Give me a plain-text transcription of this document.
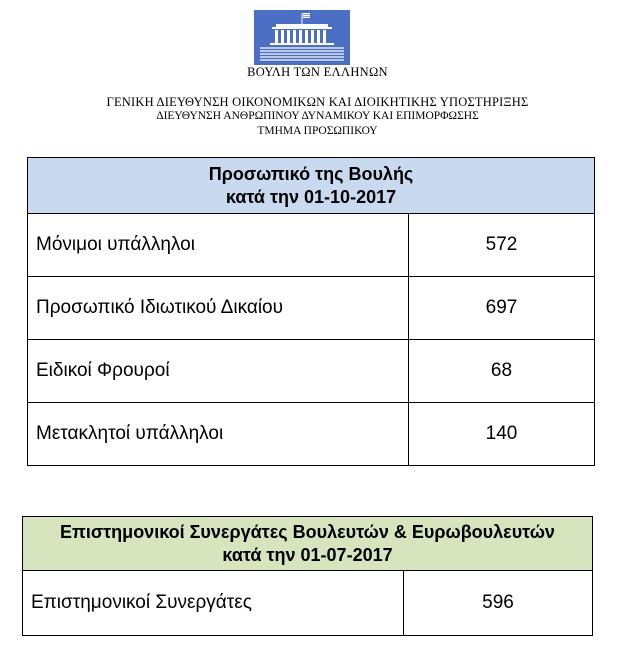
ΒΟΥΛΗ ΤΩΝ ΕΛΛΗΝΩΝ
ΓΕΝΙΚΗ ΔΙΕΥΘΥΝΣΗ ΟΙΚΟΝΟΜΙΚΩΝ ΚΑΙ ΔΙΟΙΚΗΤΙΚΗΣ ΥΠΟΣΤΗΡΙΞΗΣ
ΔΙΕΥΘΥΝΣΗ ΑΝΘΡΩΠΙΝΟΥ ΔΥΝΑΜΙΚΟΥ ΚΑΙ ΕΠΙΜΟΡΦΩΣΗΣ
ΤΜΗΜΑ ΠΡΟΣΩΠΙΚΟΥ
Προσωπικό της Βουλής
κατά την 01-10-2017	

Μόνιμοι υπάλληλοι	572
Προσωπικό Ιδιωτικού Δικαίου	697
Ειδικοί Φρουροί	68
Μετακλητοί υπάλληλοι	140
Επιστημονικοί Συνεργάτες Βουλευτών & Ευρωβουλευτών
κατά την 01-07-2017

Επιστημονικοί Συνεργάτες	596
